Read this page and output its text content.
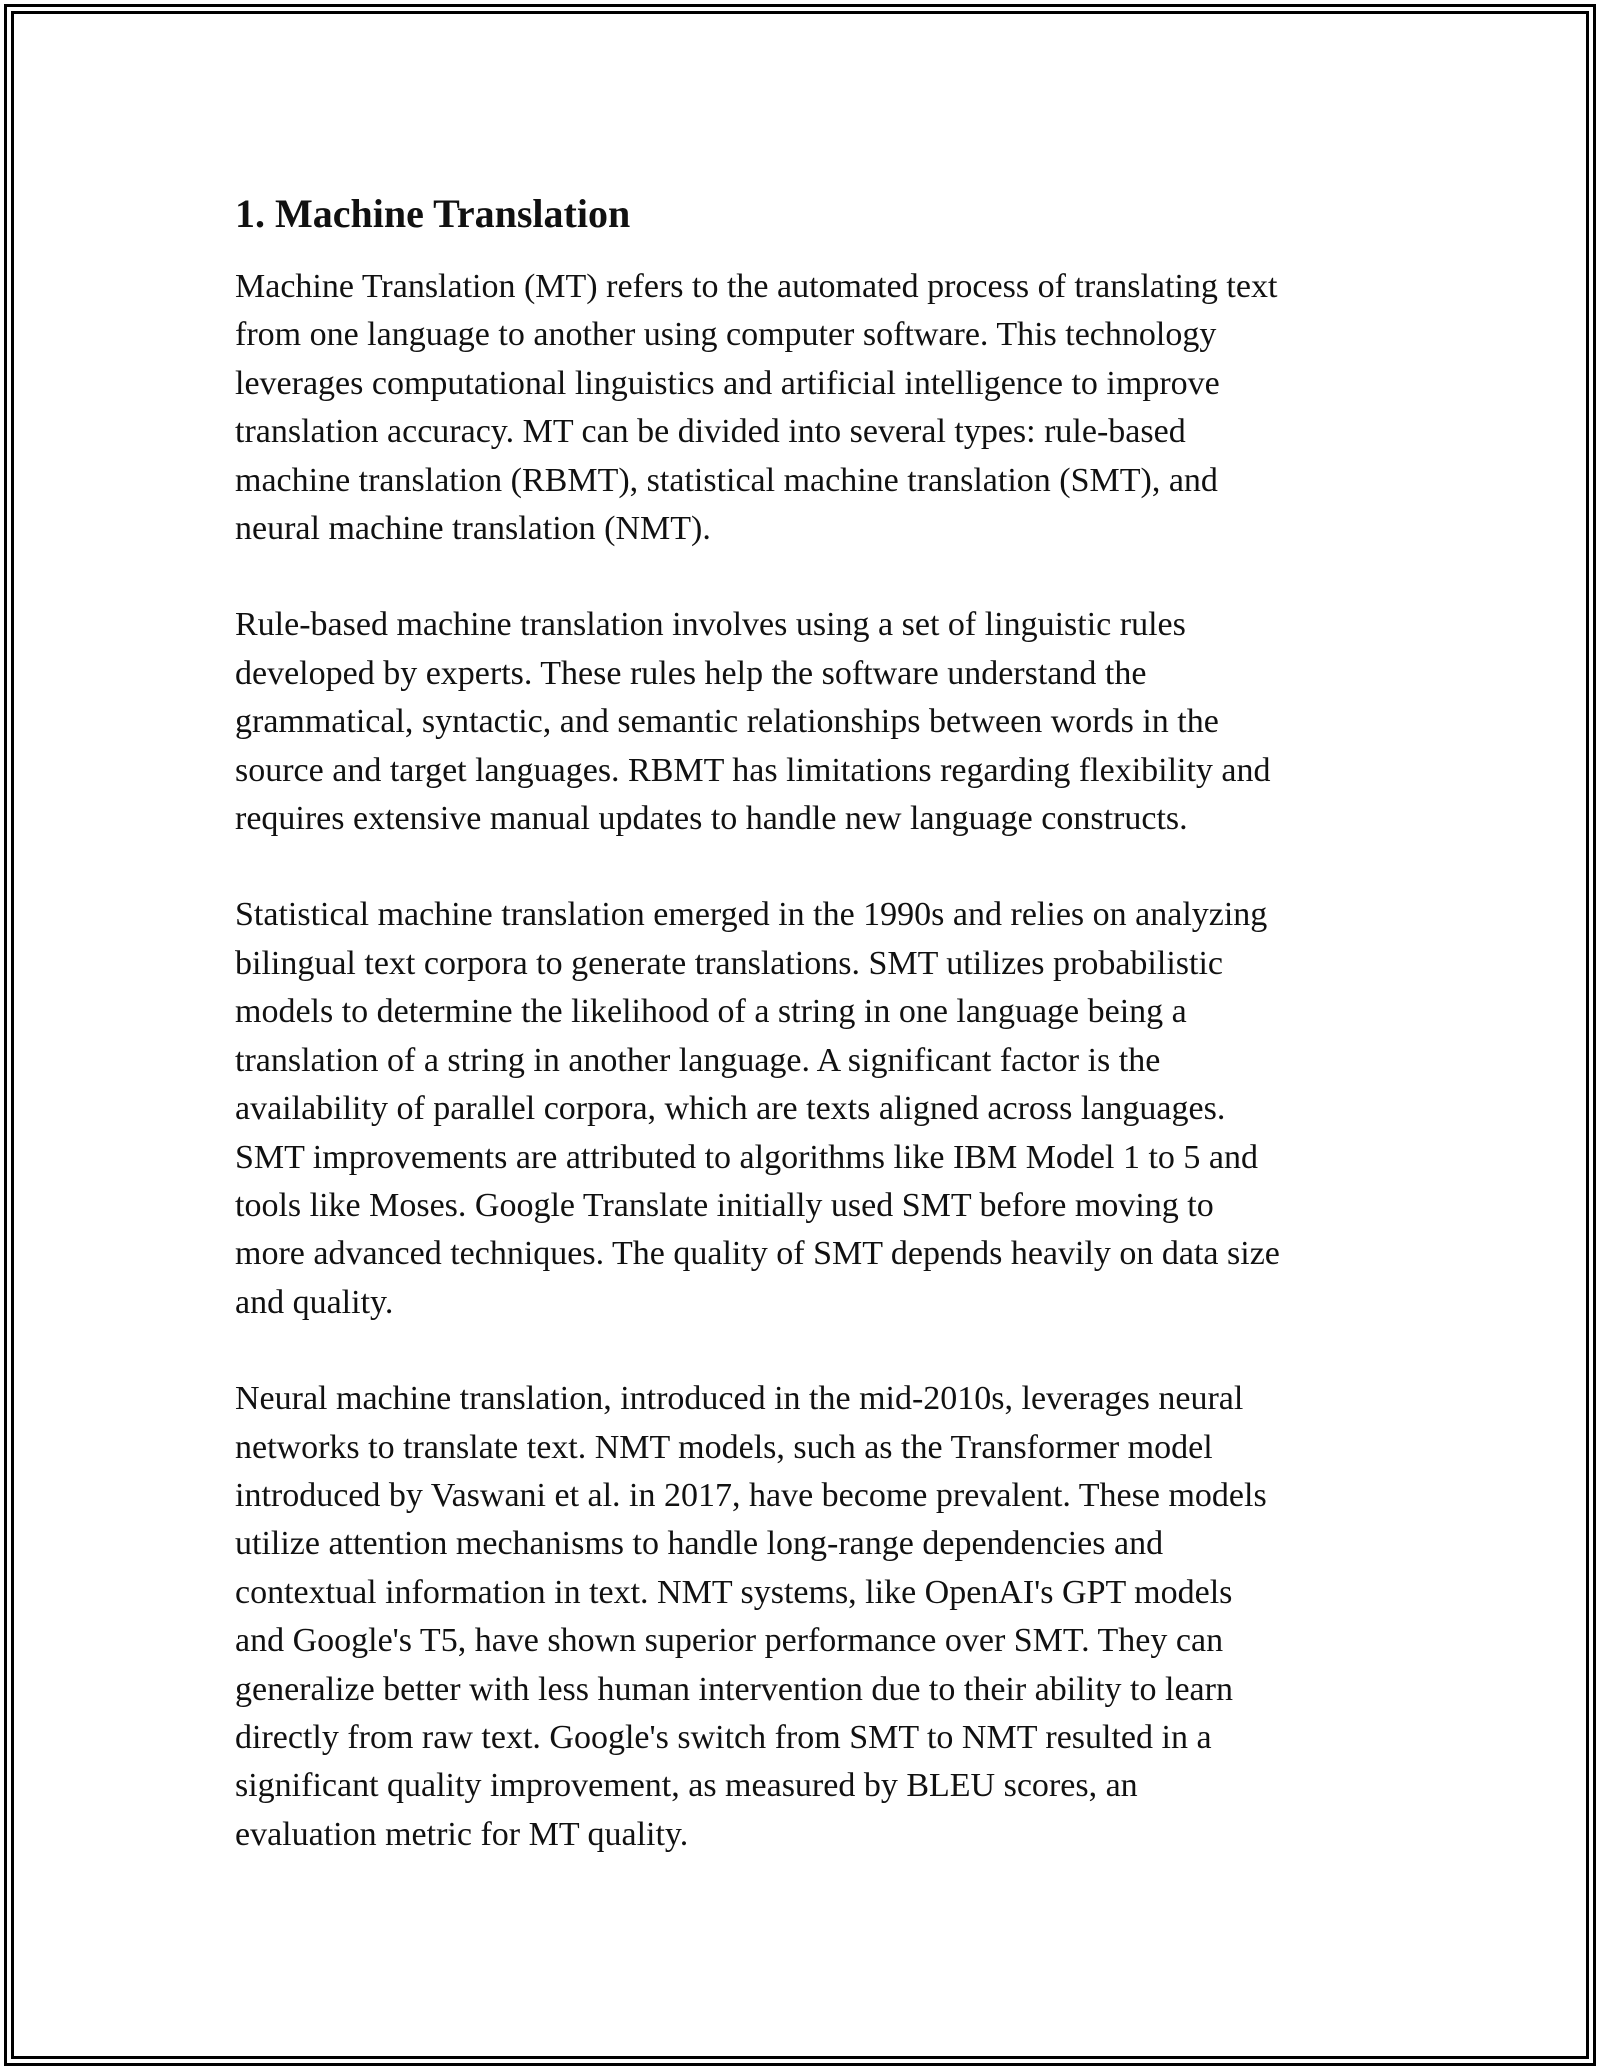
1. Machine Translation

Machine Translation (MT) refers to the automated process of translating text
from one language to another using computer software. This technology
leverages computational linguistics and artificial intelligence to improve
translation accuracy. MT can be divided into several types: rule-based
machine translation (RBMT), statistical machine translation (SMT), and
neural machine translation (NMT).

Rule-based machine translation involves using a set of linguistic rules
developed by experts. These rules help the software understand the
grammatical, syntactic, and semantic relationships between words in the
source and target languages. RBMT has limitations regarding flexibility and
requires extensive manual updates to handle new language constructs.

Statistical machine translation emerged in the 1990s and relies on analyzing
bilingual text corpora to generate translations. SMT utilizes probabilistic
models to determine the likelihood of a string in one language being a
translation of a string in another language. A significant factor is the
availability of parallel corpora, which are texts aligned across languages.
SMT improvements are attributed to algorithms like IBM Model 1 to 5 and
tools like Moses. Google Translate initially used SMT before moving to
more advanced techniques. The quality of SMT depends heavily on data size
and quality.

Neural machine translation, introduced in the mid-2010s, leverages neural
networks to translate text. NMT models, such as the Transformer model
introduced by Vaswani et al. in 2017, have become prevalent. These models
utilize attention mechanisms to handle long-range dependencies and
contextual information in text. NMT systems, like OpenAI's GPT models
and Google's T5, have shown superior performance over SMT. They can
generalize better with less human intervention due to their ability to learn
directly from raw text. Google's switch from SMT to NMT resulted in a
significant quality improvement, as measured by BLEU scores, an
evaluation metric for MT quality.
